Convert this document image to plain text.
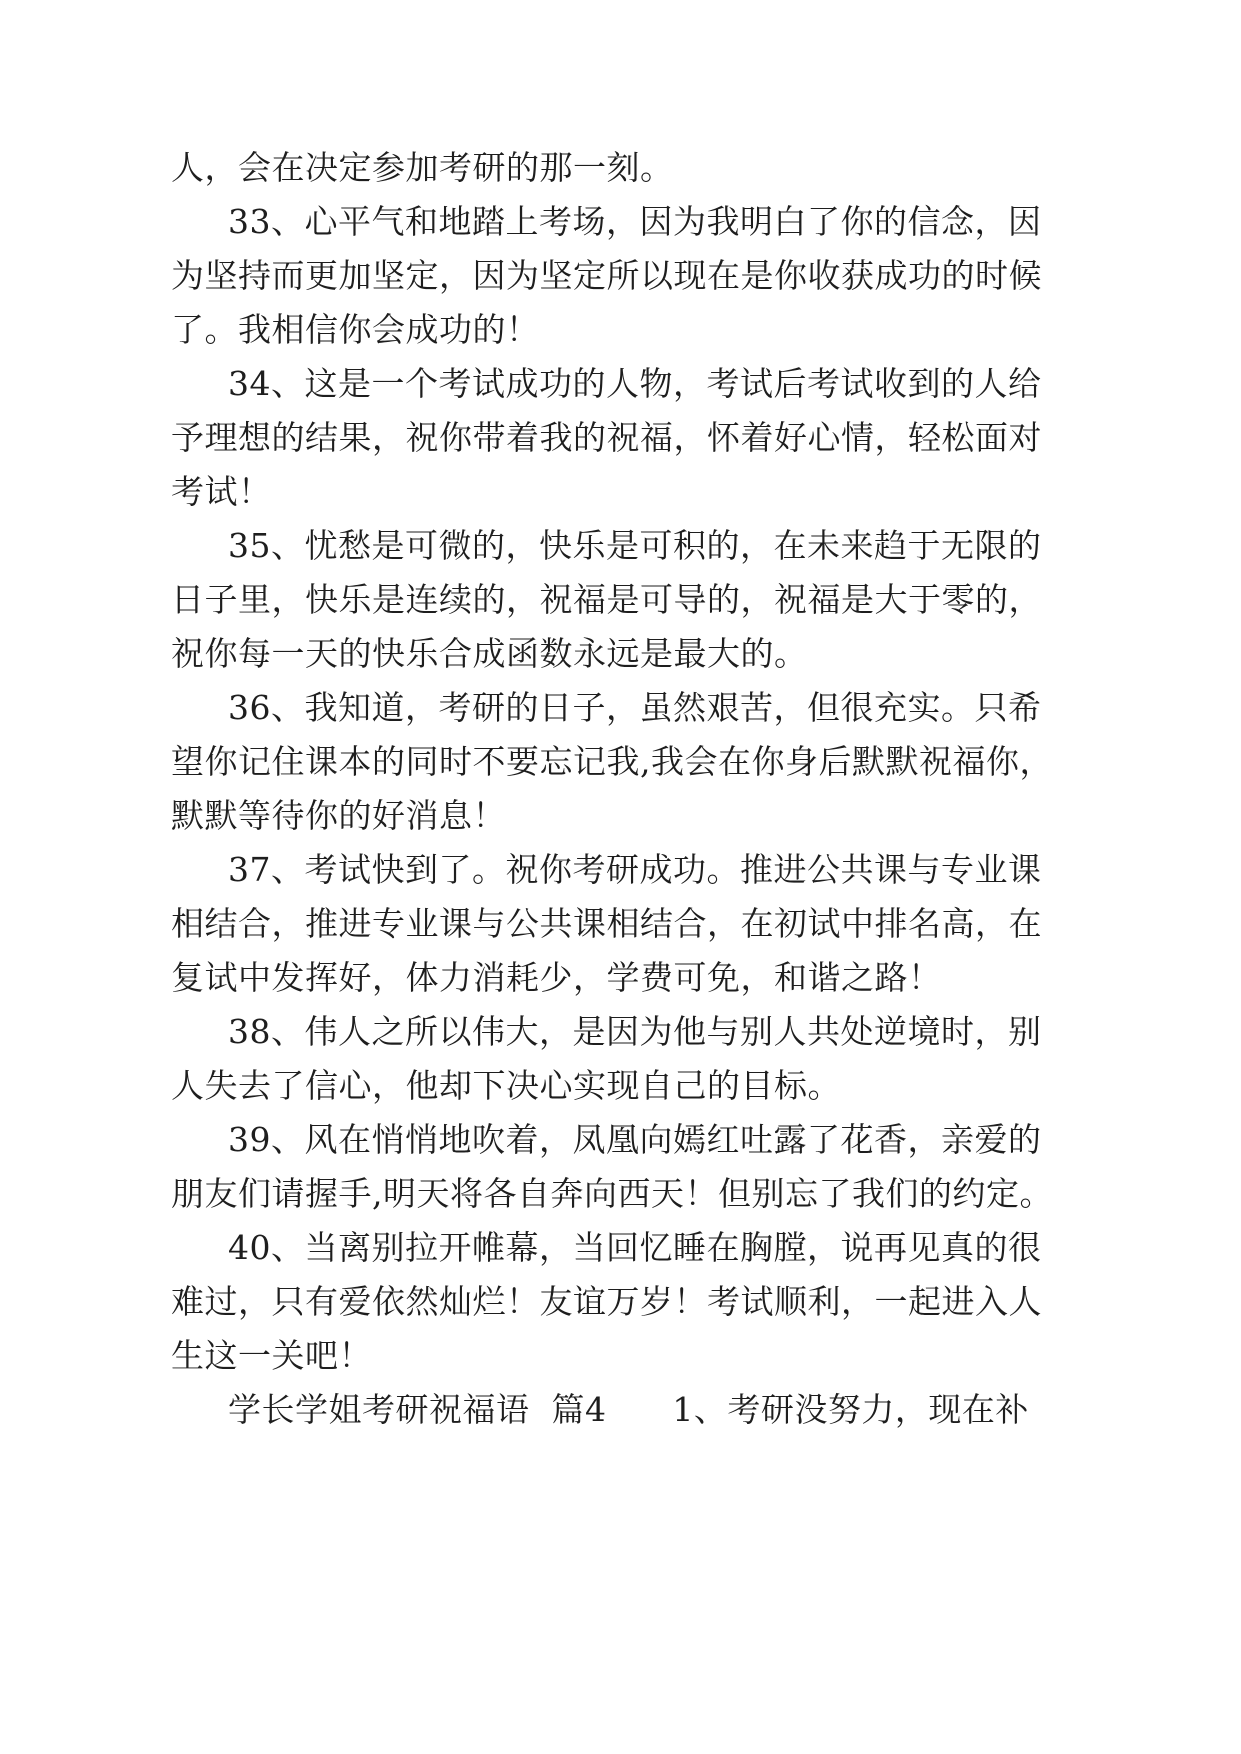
人，会在决定参加考研的那一刻。
33、心平气和地踏上考场，因为我明白了你的信念，因
为坚持而更加坚定，因为坚定所以现在是你收获成功的时候
了。我相信你会成功的！
34、这是一个考试成功的人物，考试后考试收到的人给
予理想的结果，祝你带着我的祝福，怀着好心情，轻松面对
考试！
35、忧愁是可微的，快乐是可积的，在未来趋于无限的
日子里，快乐是连续的，祝福是可导的，祝福是大于零的，
祝你每一天的快乐合成函数永远是最大的。
36、我知道，考研的日子，虽然艰苦，但很充实。只希
望你记住课本的同时不要忘记我,我会在你身后默默祝福你，
默默等待你的好消息！
37、考试快到了。祝你考研成功。推进公共课与专业课
相结合，推进专业课与公共课相结合，在初试中排名高，在
复试中发挥好，体力消耗少，学费可免，和谐之路！
38、伟人之所以伟大，是因为他与别人共处逆境时，别
人失去了信心，他却下决心实现自己的目标。
39、风在悄悄地吹着，凤凰向嫣红吐露了花香，亲爱的
朋友们请握手,明天将各自奔向西天！但别忘了我们的约定。
40、当离别拉开帷幕，当回忆睡在胸膛，说再见真的很
难过，只有爱依然灿烂！友谊万岁！考试顺利，一起进入人
生这一关吧！
学长学姐考研祝福语  篇4      1、考研没努力，现在补
